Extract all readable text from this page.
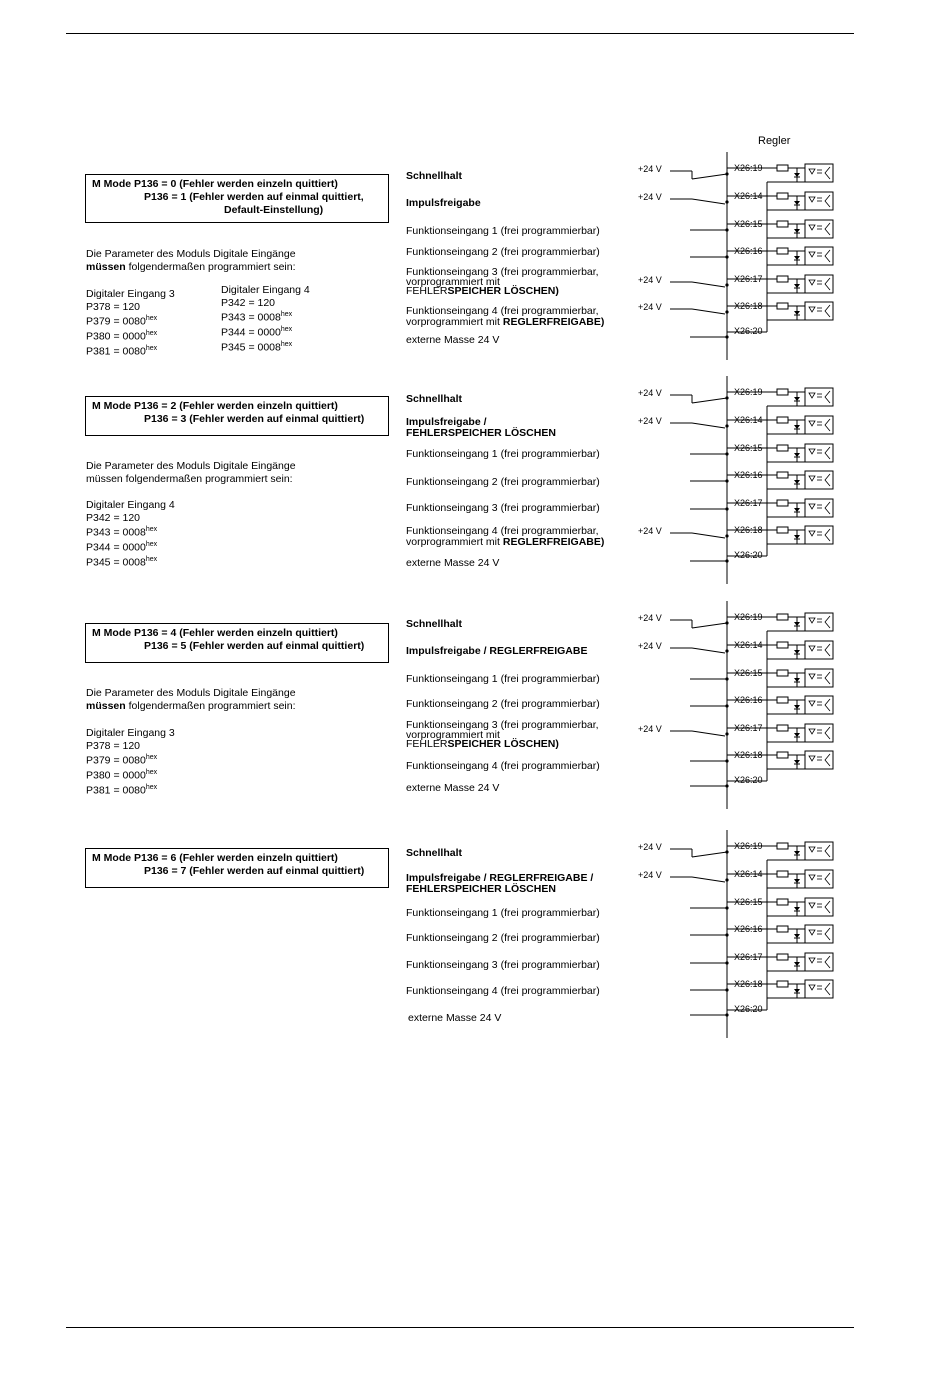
Regler
M Mode P136 = 0 (Fehler werden einzeln quittiert)
P136 = 1 (Fehler werden auf einmal quittiert,
Default-Einstellung)
Die Parameter des Moduls Digitale Eingänge
müssen folgendermaßen programmiert sein:
Digitaler Eingang 3
P378 = 120
$P379 = 0080^{hex}$
$P380 = 0000^{hex}$
$P381 = 0080^{hex}$
Digitaler Eingang 4
P342 = 120
$P343 = 0008^{hex}$
$P344 = 0000^{hex}$
$P345 = 0008^{hex}$
Schnellhalt
Impulsfreigabe
Funktionseingang 1 (frei programmierbar)
Funktionseingang 2 (frei programmierbar)
Funktionseingang 3 (frei programmierbar,
vorprogrammiert mit
FEHLERSPEICHER LÖSCHEN)
Funktionseingang 4 (frei programmierbar,
vorprogrammiert mit REGLERFREIGABE)
externe Masse 24 V
X26:19
+24 V
X26:14
+24 V
X26:15
X26:16
X26:17
+24 V
X26:18
+24 V
X26:20
M Mode P136 = 2 (Fehler werden einzeln quittiert)
P136 = 3 (Fehler werden auf einmal quittiert)
Die Parameter des Moduls Digitale Eingänge
müssen folgendermaßen programmiert sein:
Digitaler Eingang 4
P342 = 120
$P343 = 0008^{hex}$
$P344 = 0000^{hex}$
$P345 = 0008^{hex}$
Schnellhalt
Impulsfreigabe /
FEHLERSPEICHER LÖSCHEN
Funktionseingang 1 (frei programmierbar)
Funktionseingang 2 (frei programmierbar)
Funktionseingang 3 (frei programmierbar)
Funktionseingang 4 (frei programmierbar,
vorprogrammiert mit REGLERFREIGABE)
externe Masse 24 V
X26:19
+24 V
X26:14
+24 V
X26:15
X26:16
X26:17
X26:18
+24 V
X26:20
M Mode P136 = 4 (Fehler werden einzeln quittiert)
P136 = 5 (Fehler werden auf einmal quittiert)
Die Parameter des Moduls Digitale Eingänge
müssen folgendermaßen programmiert sein:
Digitaler Eingang 3
P378 = 120
$P379 = 0080^{hex}$
$P380 = 0000^{hex}$
$P381 = 0080^{hex}$
Schnellhalt
Impulsfreigabe / REGLERFREIGABE
Funktionseingang 1 (frei programmierbar)
Funktionseingang 2 (frei programmierbar)
Funktionseingang 3 (frei programmierbar,
vorprogrammiert mit
FEHLERSPEICHER LÖSCHEN)
Funktionseingang 4 (frei programmierbar)
externe Masse 24 V
X26:19
+24 V
X26:14
+24 V
X26:15
X26:16
X26:17
+24 V
X26:18
X26:20
M Mode P136 = 6 (Fehler werden einzeln quittiert)
P136 = 7 (Fehler werden auf einmal quittiert)
Schnellhalt
Impulsfreigabe / REGLERFREIGABE /
FEHLERSPEICHER LÖSCHEN
Funktionseingang 1 (frei programmierbar)
Funktionseingang 2 (frei programmierbar)
Funktionseingang 3 (frei programmierbar)
Funktionseingang 4 (frei programmierbar)
externe Masse 24 V
X26:19
+24 V
X26:14
+24 V
X26:15
X26:16
X26:17
X26:18
X26:20
